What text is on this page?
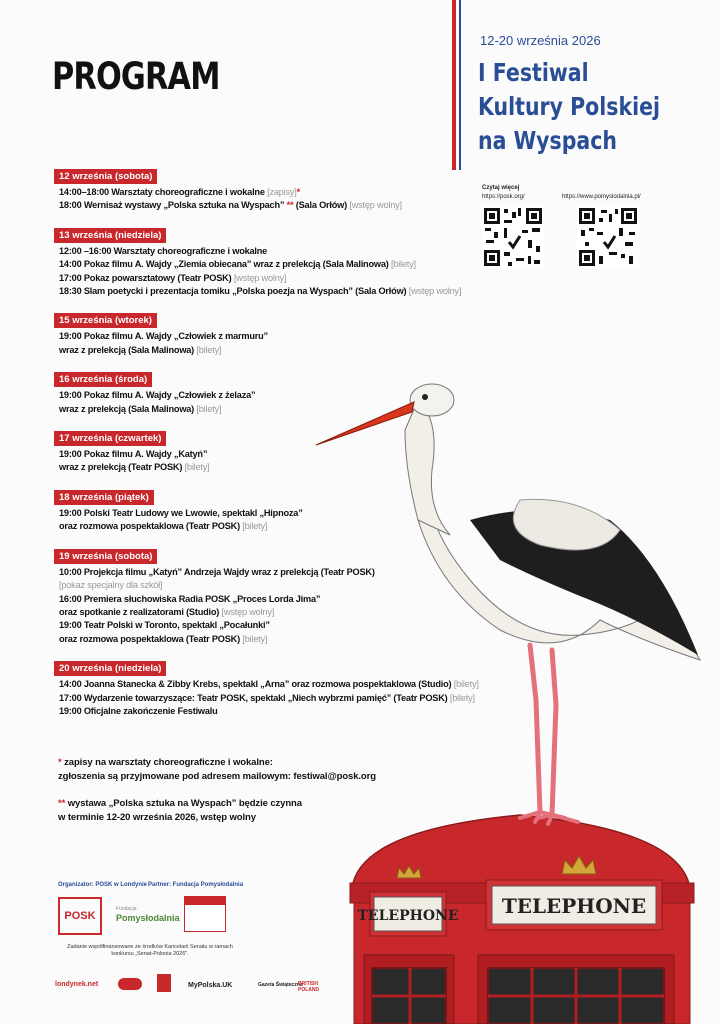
PROGRAM
12-20 września 2026
I Festiwal
Kultury Polskiej
na Wyspach
Czytaj więcej
https://posk.org/	https://www.pomyslodalnia.pl/
TELEPHONE TELEPHONE
12 września (sobota)
14:00–18:00 Warsztaty choreograficzne i wokalne [zapisy]*
18:00 Wernisaż wystawy „Polska sztuka na Wyspach” ** (Sala Orłów) [wstęp wolny]
13 września (niedziela)
12:00 –16:00 Warsztaty choreograficzne i wokalne
14:00 Pokaz filmu A. Wajdy „Ziemia obiecana” wraz z prelekcją (Sala Malinowa) [bilety]
17:00 Pokaz powarsztatowy (Teatr POSK) [wstęp wolny]
18:30 Slam poetycki i prezentacja tomiku „Polska poezja na Wyspach” (Sala Orłów) [wstęp wolny]
15 września (wtorek)
19:00 Pokaz filmu A. Wajdy „Człowiek z marmuru”
wraz z prelekcją (Sala Malinowa) [bilety]
16 września (środa)
19:00 Pokaz filmu A. Wajdy „Człowiek z żelaza”
wraz z prelekcją (Sala Malinowa) [bilety]
17 września (czwartek)
19:00 Pokaz filmu A. Wajdy „Katyń”
wraz z prelekcją (Teatr POSK) [bilety]
18 września (piątek)
19:00 Polski Teatr Ludowy we Lwowie, spektakl „Hipnoza”
oraz rozmowa pospektaklowa (Teatr POSK) [bilety]
19 września (sobota)
10:00 Projekcja filmu „Katyń” Andrzeja Wajdy wraz z prelekcją (Teatr POSK)
[pokaz specjalny dla szkół]
16:00 Premiera słuchowiska Radia POSK „Proces Lorda Jima”
oraz spotkanie z realizatorami (Studio) [wstęp wolny]
19:00 Teatr Polski w Toronto, spektakl „Pocałunki”
oraz rozmowa pospektaklowa (Teatr POSK) [bilety]
20 września (niedziela)
14:00 Joanna Stanecka & Zibby Krebs, spektakl „Arna” oraz rozmowa pospektaklowa (Studio) [bilety]
17:00 Wydarzenie towarzyszące: Teatr POSK, spektakl „Niech wybrzmi pamięć” (Teatr POSK) [bilety]
19:00 Oficjalne zakończenie Festiwalu
* zapisy na warsztaty choreograficzne i wokalne:
zgłoszenia są przyjmowane pod adresem mailowym: festiwal@posk.org
** wystawa „Polska sztuka na Wyspach” będzie czynna
w terminie 12-20 września 2026, wstęp wolny
Organizator: POSK w Londynie Partner: Fundacja Pomysłodalnia
POSK
Fundacja
Pomysłodalnia
Zadanie współfinansowane ze środków Kancelarii Senatu w ramach konkursu „Senat-Polonia 2026”.
londynek.net	MyPolska.UK	Gazeta Świąteczna
BRITISH POLAND
